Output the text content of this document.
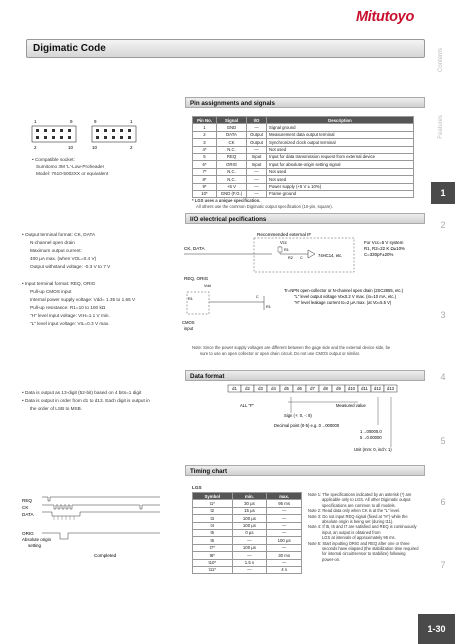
Mitutoyo
Digimatic Code	Contents
Features
1
2
3
4
5
6
7
Pin assignments and signals
1	9	9	1
2	10	10	2
• Compatible socket:
Sumitomo 3M 'L'-Low-Proheader
Model: 7610-5002XX or equivalent
Pin No.	Signal	I/O	Description
1	GND	—	Signal ground
2	DATA	Output	Measurement data output terminal
3	CK	Output	Synchronized clock output terminal
4*	N.C.	—	Not used
5	REQ	Input	Input for data transmission request from external device
6*	ORIG	Input	Input for absolute-origin setting signal
7*	N.C.	—	Not used
8*	N.C.	—	Not used
9*	+5 V	—	Power supply (+5 V ± 10%)
10*	GND (F.G.)	—	Frame ground
* LGS uses a unique specification.
All others use the common Digimatic output specification (10-pin, square).
I/O electrical pecifications
• Output terminal format: CK, DATA
N-channel open drain
Maximum output current:
400 µA max. (when VOL=0.4 V)
Output withstand voltage: -0.3 V to 7 V
• Input terminal format: REQ, ORIG
Pull-up CMOS input
Internal power supply voltage: Vdd= 1.35 to 1.65 V
Pull-up resistance: R1=10 to 100 kΩ
"H" level input voltage: VIH=1.1 V min.
"L" level input voltage: VIL=0.3 V max.
Recommended external IF
CK, DATA
Vcc
R1
R2 C	74HC14, etc.
For Vcc=5 V system
R1, R2=22 K Ω±10%
C=330pF±20%
REQ, ORIG
Vdd
R1
CMOS
input
C
R1
Tr=NPN open-collector or N-channel open drain (2SC2855, etc.)
"L" level output voltage Vo≤0.2 V max. (Io=10 mA, etc.)
"H" level leakage current Io=2 µA max. (at Vo=5.5 V)
Note: Since the power supply voltages are different between the gage side and the external device side, be
sure to use an open collector or open drain circuit. Do not use CMOS output or similar.
Data format
• Data is output as 13-digit (52-bit) based on 4 bits=1 digit
• Data is output in order from d1 to d13. Each digit is output in
the order of LSB to MSB.
d1 d2 d3 d4 d5 d6 d7 d8 d9 d10 d11 d12 d13
ALL "F"	Measured value
Sign (+: 0, -: 8)
Decimal point (0-5) e.g. 0→000000
1→00000.0
5→0.00000
Unit (mm: 0, inch: 1)
Timing chart
REQ
CK
DATA
ORIG
Absolute origin
setting
Completed
LGS
Symbol	min.	max.
t1*	30 µs	95 ms
t2	15 µs	—
t3	100 µs	—
t4	100 µs	—
t5	0 µs	—
t6	—	100 µs
t7*	100 µs	—
t8*	—	30 ms
t10*	1.5 s	—
t11*	—	4 s
Note 1: The specifications indicated by an asterisk (*) are
applicable only to LGS. All other Digimatic output
specifications are common to all models.
Note 2: Read data only when CK is at the "L" level.
Note 3: Do not input REQ signal (fixed at "H") while the
absolute origin is being set (during t11).
Note 4: If t5, t6 and t7 are satisfied and REQ is continuously
input, an output is obtained from
LGS at intervals of approximately 95 ms.
Note 5: Start inputting ORIG and REQ after one or three
seconds have elapsed (the stabilization time required
for internal circuit/sensor to stabilize) following
power-on.
1-30
